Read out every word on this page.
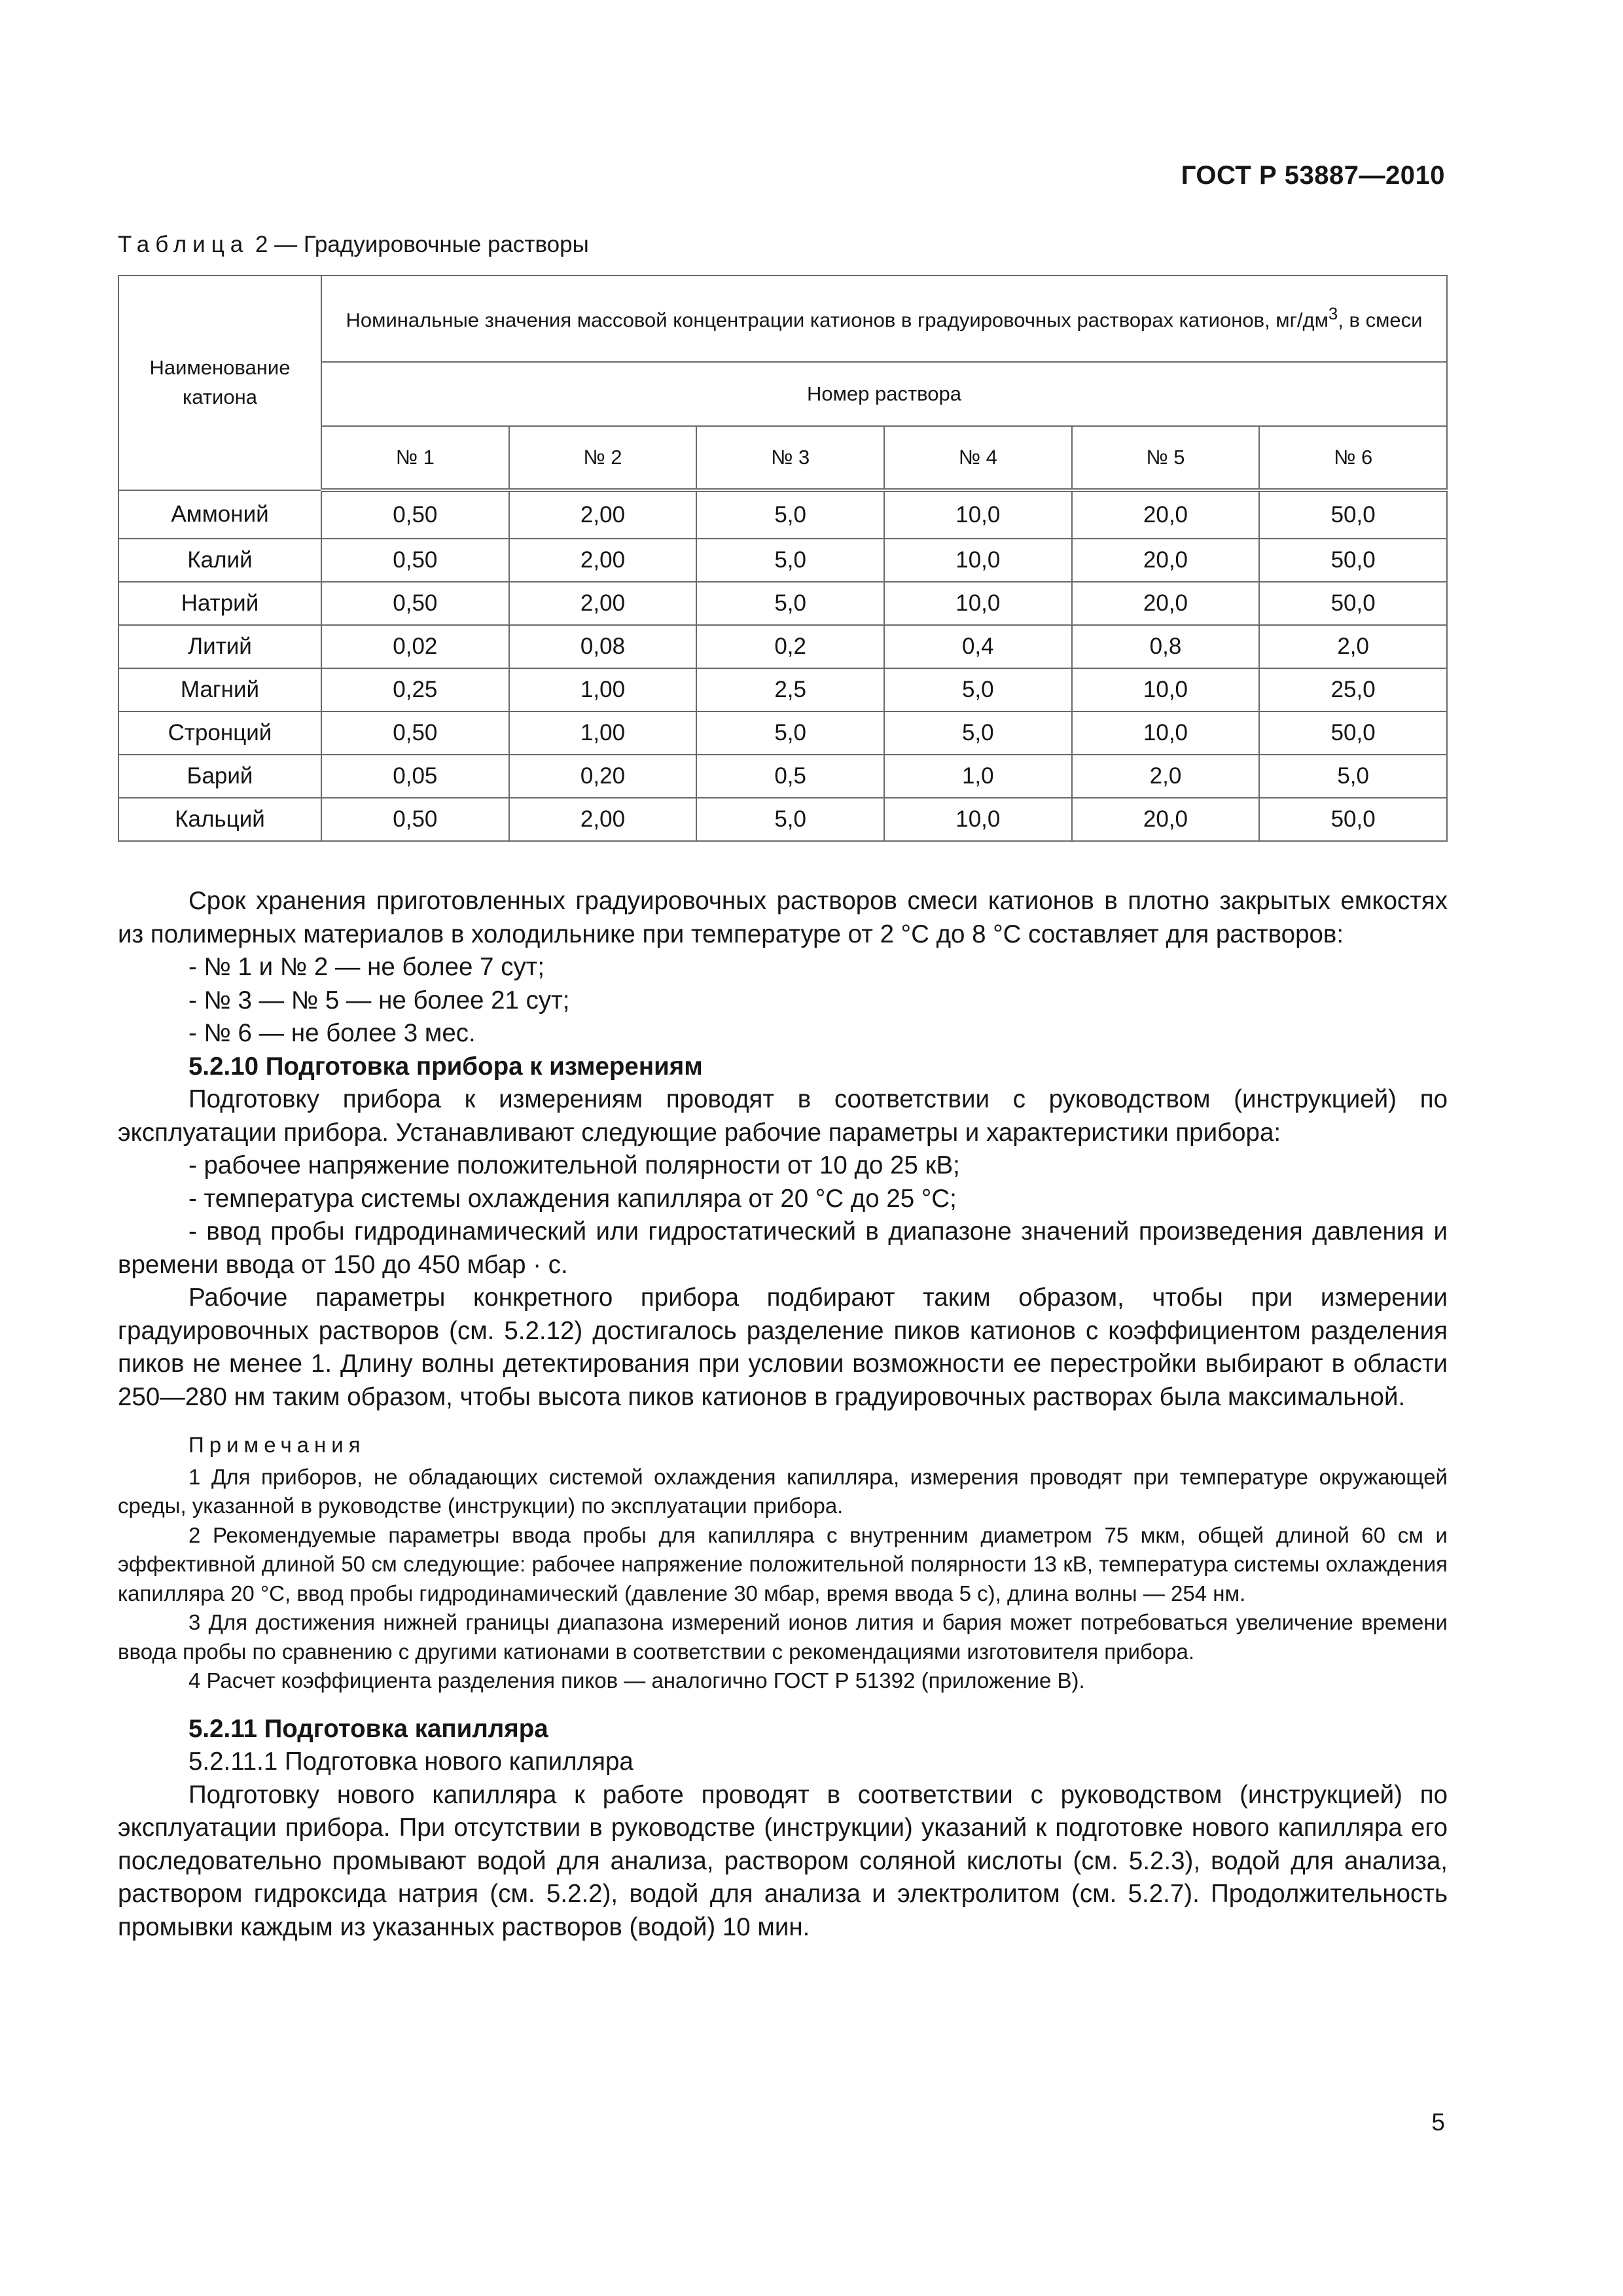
ГОСТ Р 53887—2010
Таблица 2 — Градуировочные растворы
Наименование катиона	Номинальные значения массовой концентрации катионов в градуировочных растворах катионов, $мг/дм^3$, в смеси					
	Номер раствора					
	№ 1	№ 2	№ 3	№ 4	№ 5	№ 6
Аммоний	0,50	2,00	5,0	10,0	20,0	50,0
Калий	0,50	2,00	5,0	10,0	20,0	50,0
Натрий	0,50	2,00	5,0	10,0	20,0	50,0
Литий	0,02	0,08	0,2	0,4	0,8	2,0
Магний	0,25	1,00	2,5	5,0	10,0	25,0
Стронций	0,50	1,00	5,0	5,0	10,0	50,0
Барий	0,05	0,20	0,5	1,0	2,0	5,0
Кальций	0,50	2,00	5,0	10,0	20,0	50,0

Срок хранения приготовленных градуировочных растворов смеси катионов в плотно закрытых емкостях из полимерных материалов в холодильнике при температуре от 2 °С до 8 °С составляет для растворов:

- № 1 и № 2 — не более 7 сут;

- № 3 — № 5 — не более 21 сут;

- № 6 — не более 3 мес.

5.2.10 Подготовка прибора к измерениям

Подготовку прибора к измерениям проводят в соответствии с руководством (инструкцией) по эксплуатации прибора. Устанавливают следующие рабочие параметры и характеристики прибора:

- рабочее напряжение положительной полярности от 10 до 25 кВ;

- температура системы охлаждения капилляра от 20 °С до 25 °С;

- ввод пробы гидродинамический или гидростатический в диапазоне значений произведения давления и времени ввода от 150 до 450 мбар · с.

Рабочие параметры конкретного прибора подбирают таким образом, чтобы при измерении градуировочных растворов (см. 5.2.12) достигалось разделение пиков катионов с коэффициентом разделения пиков не менее 1. Длину волны детектирования при условии возможности ее перестройки выбирают в области 250—280 нм таким образом, чтобы высота пиков катионов в градуировочных растворах была максимальной.

Примечания

1 Для приборов, не обладающих системой охлаждения капилляра, измерения проводят при температуре окружающей среды, указанной в руководстве (инструкции) по эксплуатации прибора.

2 Рекомендуемые параметры ввода пробы для капилляра с внутренним диаметром 75 мкм, общей длиной 60 см и эффективной длиной 50 см следующие: рабочее напряжение положительной полярности 13 кВ, температура системы охлаждения капилляра 20 °С, ввод пробы гидродинамический (давление 30 мбар, время ввода 5 с), длина волны — 254 нм.

3 Для достижения нижней границы диапазона измерений ионов лития и бария может потребоваться увеличение времени ввода пробы по сравнению с другими катионами в соответствии с рекомендациями изготовителя прибора.

4 Расчет коэффициента разделения пиков — аналогично ГОСТ Р 51392 (приложение В).

5.2.11 Подготовка капилляра

5.2.11.1 Подготовка нового капилляра

Подготовку нового капилляра к работе проводят в соответствии с руководством (инструкцией) по эксплуатации прибора. При отсутствии в руководстве (инструкции) указаний к подготовке нового капилляра его последовательно промывают водой для анализа, раствором соляной кислоты (см. 5.2.3), водой для анализа, раствором гидроксида натрия (см. 5.2.2), водой для анализа и электролитом (см. 5.2.7). Продолжительность промывки каждым из указанных растворов (водой) 10 мин.

5
